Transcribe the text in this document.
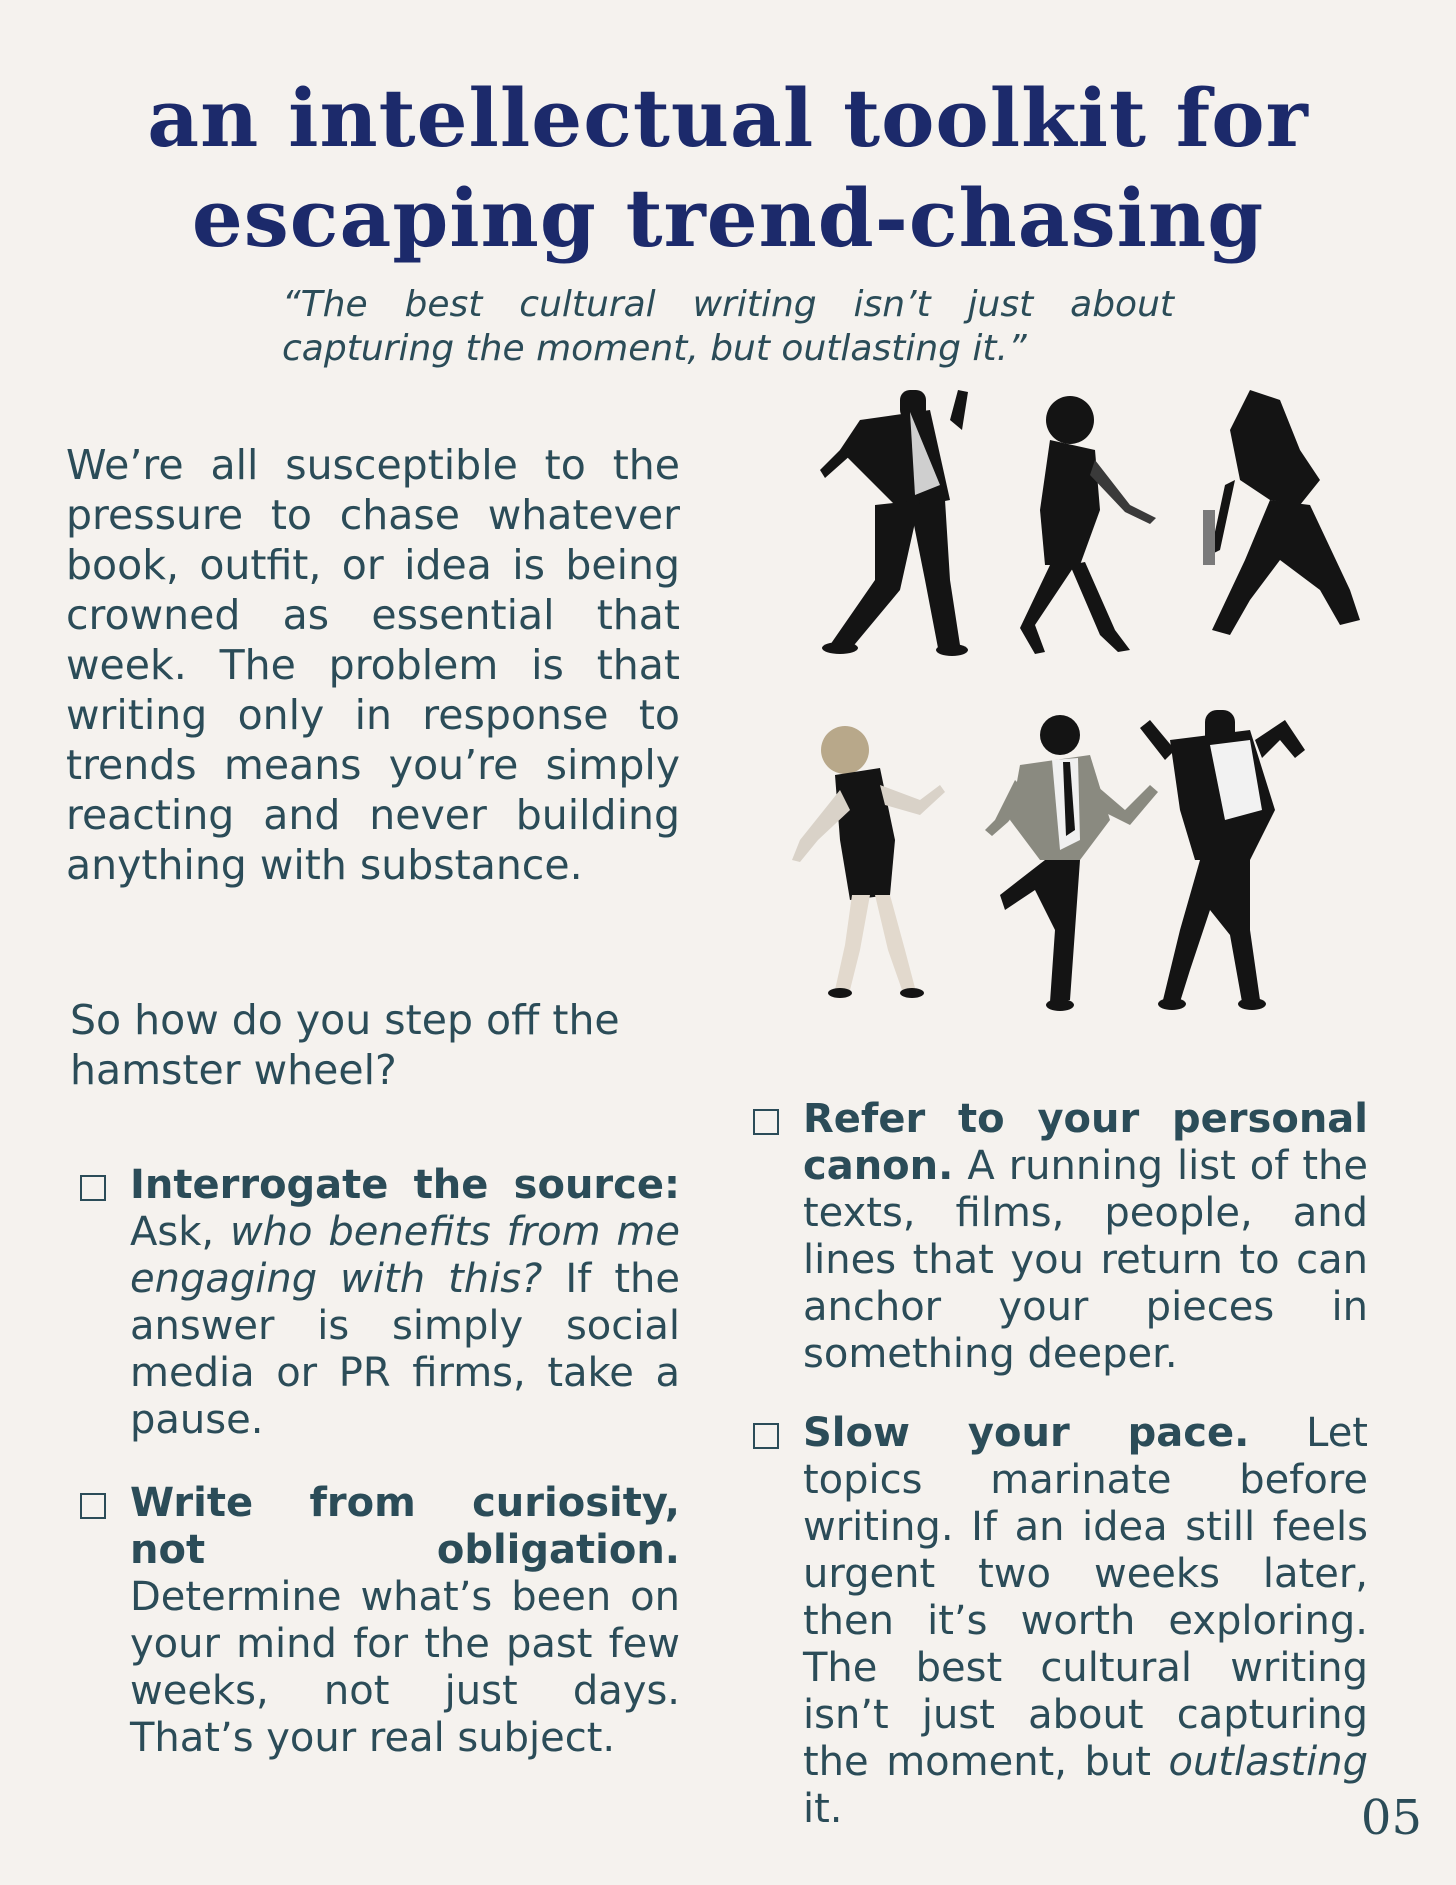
an intellectual toolkit for
escaping trend-chasing

“The best cultural writing isn’t just about capturing the moment, but outlasting it.”

We’re all susceptible to the pressure to chase whatever book, outfit, or idea is being crowned as essential that week. The problem is that writing only in response to trends means you’re simply reacting and never building anything with substance.

So how do you step off the hamster wheel?

Interrogate the source: Ask, who benefits from me engaging with this? If the answer is simply social media or PR firms, take a pause.
Write from curiosity, not obligation. Determine what’s been on your mind for the past few weeks, not just days. That’s your real subject.
Refer to your personal canon. A running list of the texts, films, people, and lines that you return to can anchor your pieces in something deeper.
Slow your pace. Let topics marinate before writing. If an idea still feels urgent two weeks later, then it’s worth exploring. The best cultural writing isn’t just about capturing the moment, but outlasting it.	05
